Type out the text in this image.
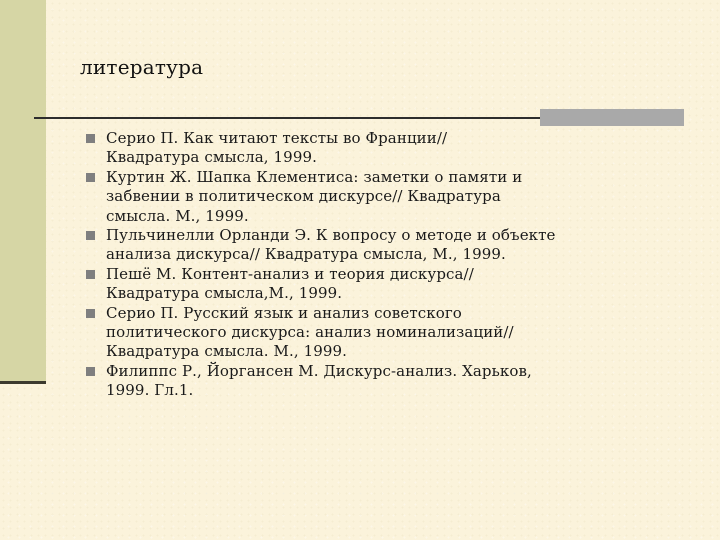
литература
Серио П. Как читают тексты во Франции//
Квадратура смысла, 1999.
Куртин Ж. Шапка Клементиса: заметки о памяти и
забвении в политическом дискурсе// Квадратура
смысла. М., 1999.
Пульчинелли Орланди Э. К вопросу о методе и объекте
анализа дискурса// Квадратура смысла, М., 1999.
Пешё М. Контент-анализ и теория дискурса//
Квадратура смысла,М., 1999.
Серио П. Русский язык и анализ советского
политического дискурса: анализ номинализаций//
Квадратура смысла. М., 1999.
Филиппс Р., Йоргансен М. Дискурс-анализ. Харьков,
1999. Гл.1.
